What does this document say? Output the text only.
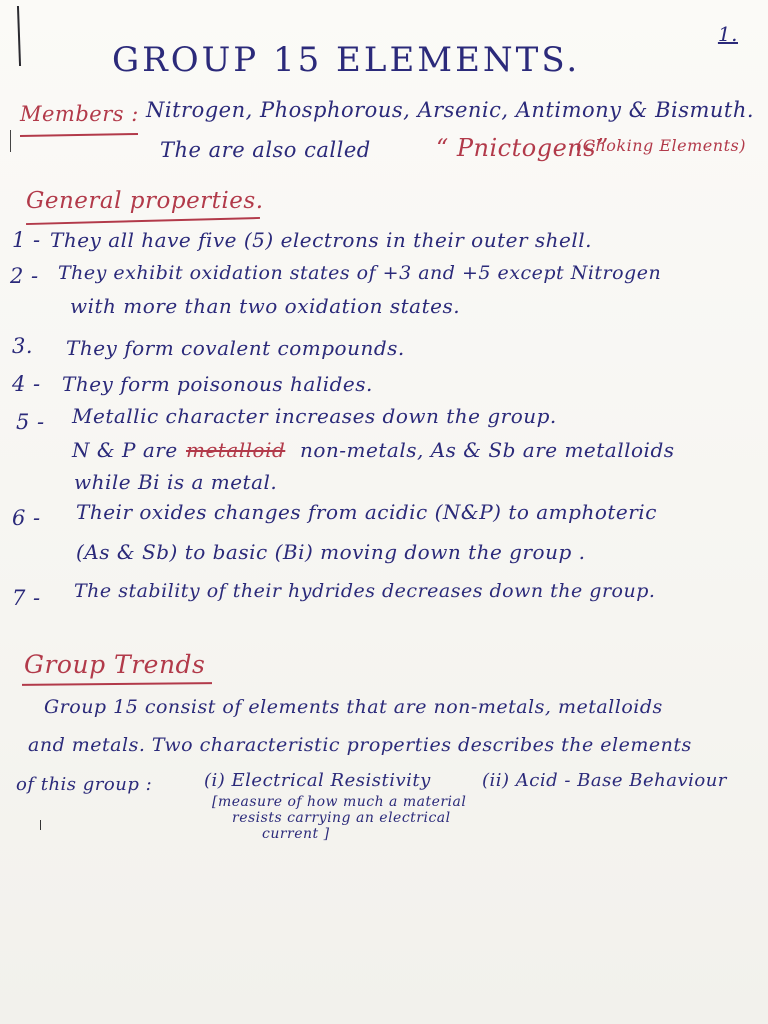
1.
GROUP 15 ELEMENTS.
Members : Nitrogen, Phosphorous, Arsenic, Antimony & Bismuth.
The are also called	“ Pnictogens”
(Choking Elements)
General properties.
1 - They all have five (5) electrons in their outer shell.
2 - They exhibit oxidation states of +3 and +5 except Nitrogen
with more than two oxidation states.
3. They form covalent compounds.
4 - They form poisonous halides.
5 - Metallic character increases down the group.
N & P are metalloid non-metals, As & Sb are metalloids
while Bi is a metal.
6 - Their oxides changes from acidic (N&P) to amphoteric
(As & Sb) to basic (Bi) moving down the group .
7 - The stability of their hydrides decreases down the group.
Group Trends
Group 15 consist of elements that are non-metals, metalloids
and metals. Two characteristic properties describes the elements
of this group :	(i) Electrical Resistivity	(ii) Acid - Base Behaviour
[measure of how much a material
resists carrying an electrical
current ]
